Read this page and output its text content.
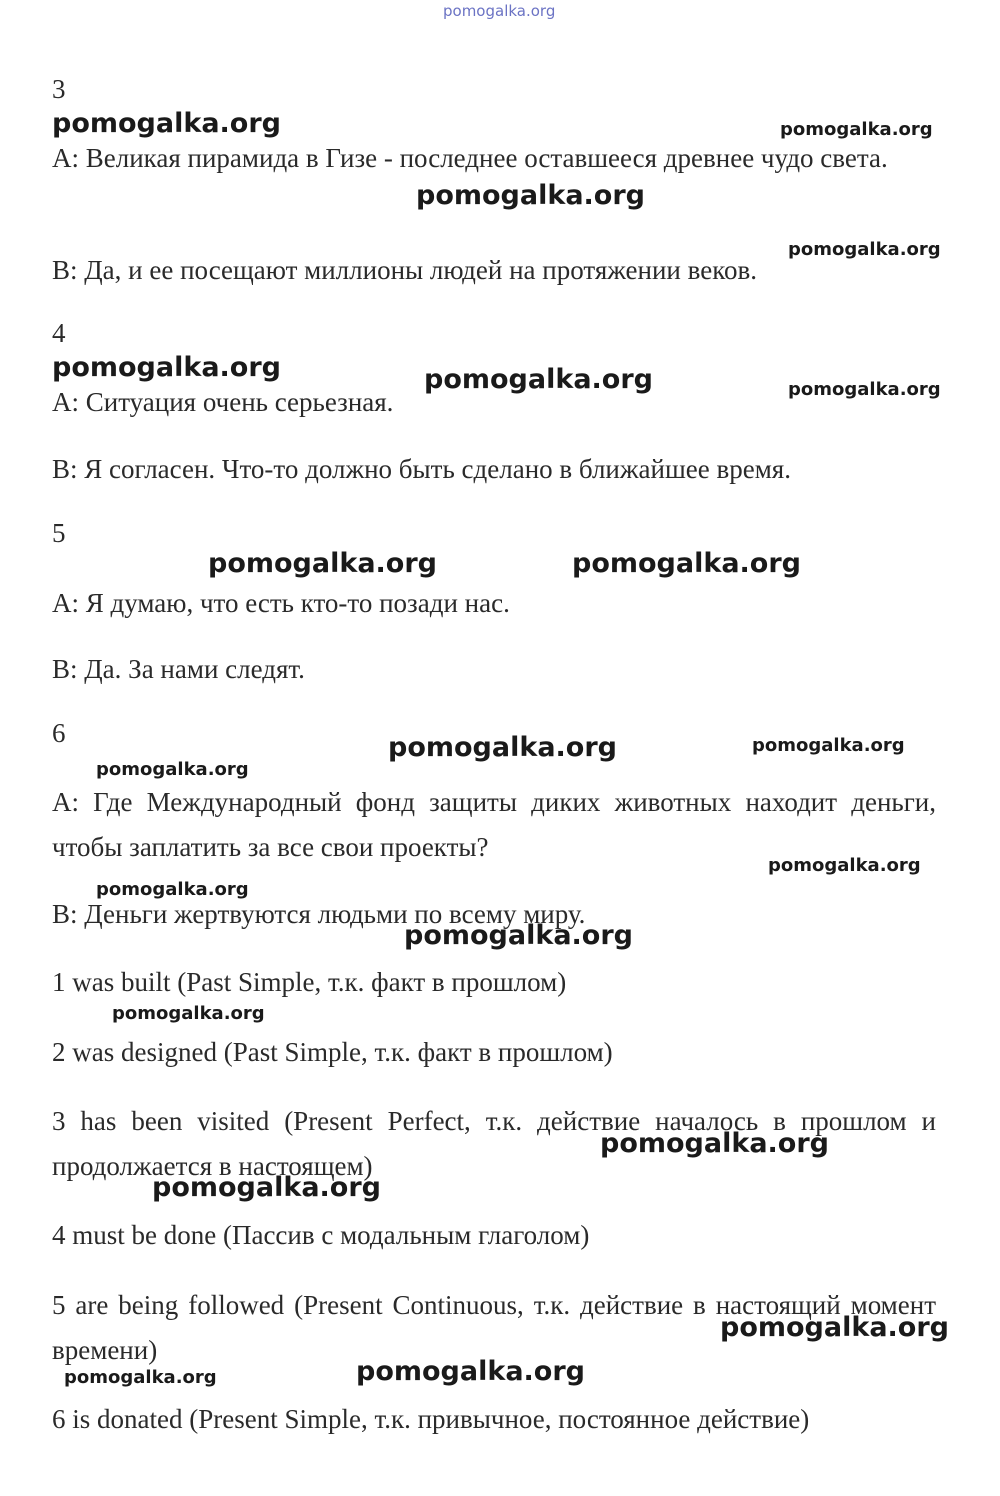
pomogalka.org
3

А: Великая пирамида в Гизе - последнее оставшееся древнее чудо света.

В: Да, и ее посещают миллионы людей на протяжении веков.

4

А: Ситуация очень серьезная.

В: Я согласен. Что-то должно быть сделано в ближайшее время.

5

А: Я думаю, что есть кто-то позади нас.

В: Да. За нами следят.

6

А: Где Международный фонд защиты диких животных находит деньги, чтобы заплатить за все свои проекты?

В: Деньги жертвуются людьми по всему миру.

1 was built (Past Simple, т.к. факт в прошлом)

2 was designed (Past Simple, т.к. факт в прошлом)

3 has been visited (Present Perfect, т.к. действие началось в прошлом и продолжается в настоящем)

4 must be done (Пассив с модальным глаголом)

5 are being followed (Present Continuous, т.к. действие в настоящий момент времени)

6 is donated (Present Simple, т.к. привычное, постоянное действие)

pomogalka.org	pomogalka.org
pomogalka.org
pomogalka.org
pomogalka.org	pomogalka.org	pomogalka.org
pomogalka.org	pomogalka.org
pomogalka.org	pomogalka.org
pomogalka.org
pomogalka.org
pomogalka.org
pomogalka.org
pomogalka.org
pomogalka.org
pomogalka.org
pomogalka.org
pomogalka.org	pomogalka.org
